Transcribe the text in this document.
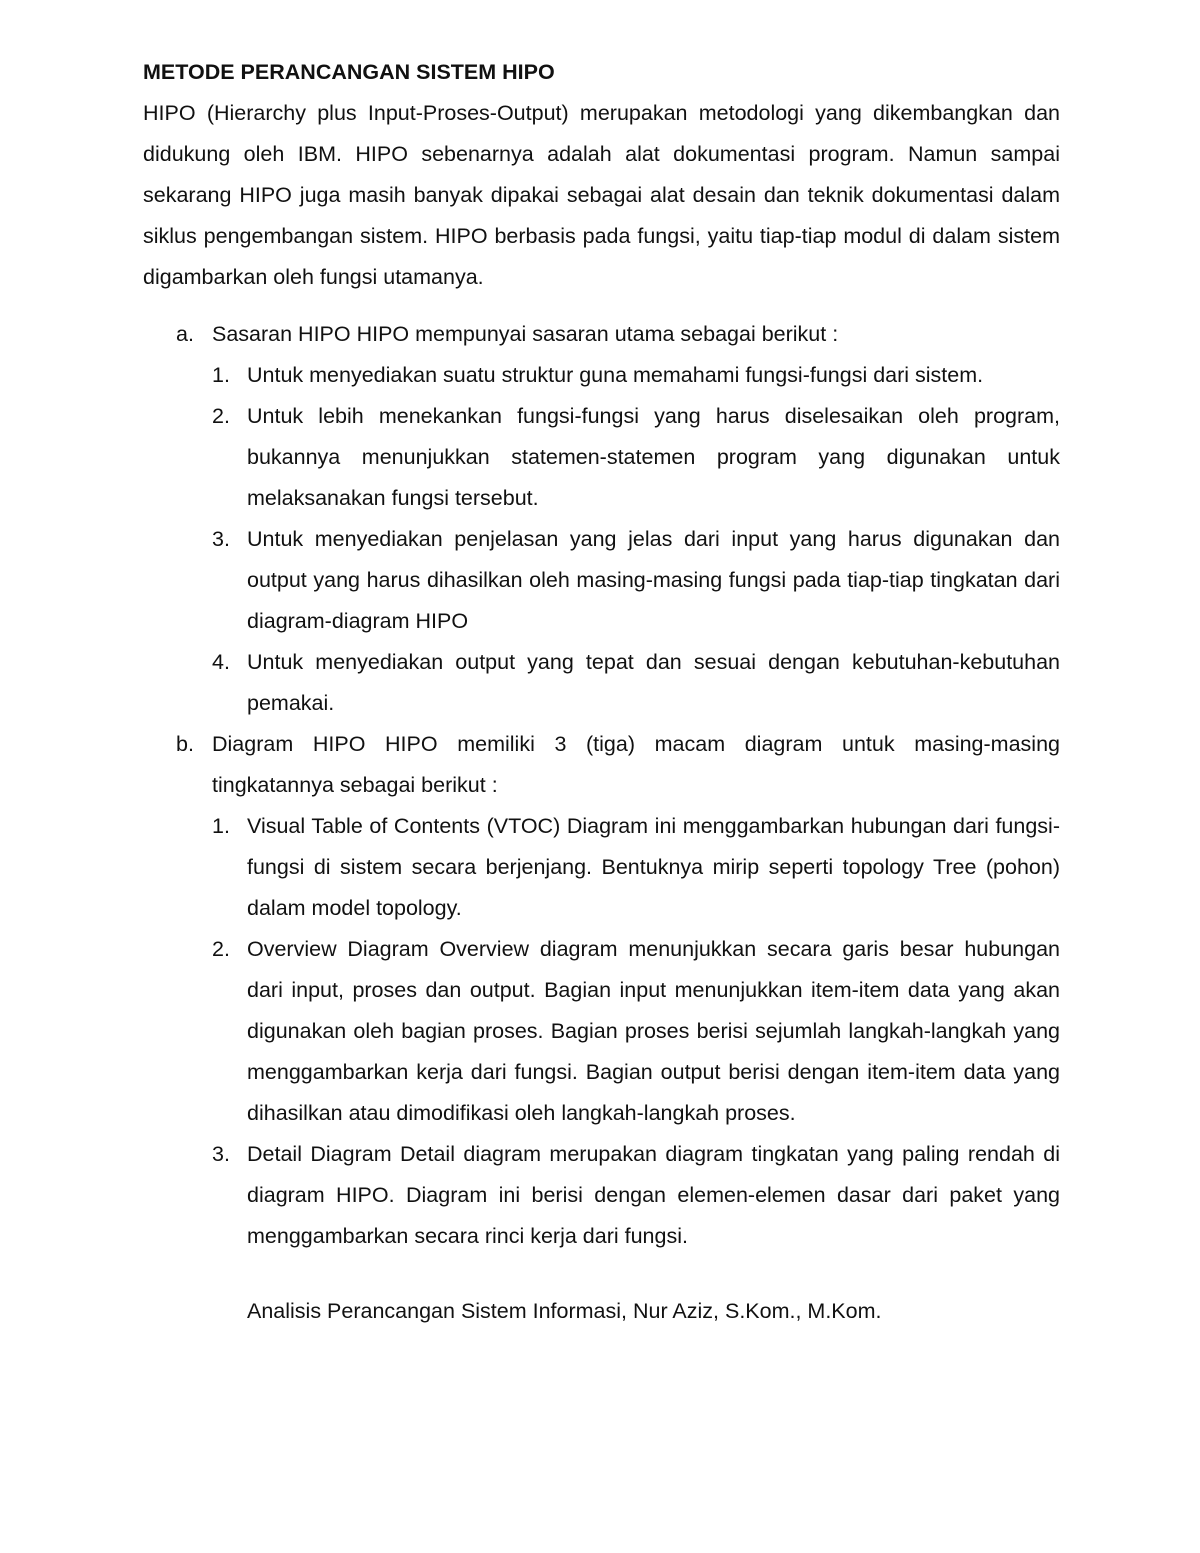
METODE PERANCANGAN SISTEM HIPO

HIPO (Hierarchy plus Input-Proses-Output) merupakan metodologi yang dikembangkan dan didukung oleh IBM. HIPO sebenarnya adalah alat dokumentasi program. Namun sampai sekarang HIPO juga masih banyak dipakai sebagai alat desain dan teknik dokumentasi dalam siklus pengembangan sistem. HIPO berbasis pada fungsi, yaitu tiap-tiap modul di dalam sistem digambarkan oleh fungsi utamanya.

a. Sasaran HIPO HIPO mempunyai sasaran utama sebagai berikut :
1. Untuk menyediakan suatu struktur guna memahami fungsi-fungsi dari sistem.
2. Untuk lebih menekankan fungsi-fungsi yang harus diselesaikan oleh program, bukannya menunjukkan statemen-statemen program yang digunakan untuk melaksanakan fungsi tersebut.
3. Untuk menyediakan penjelasan yang jelas dari input yang harus digunakan dan output yang harus dihasilkan oleh masing-masing fungsi pada tiap-tiap tingkatan dari diagram-diagram HIPO
4. Untuk menyediakan output yang tepat dan sesuai dengan kebutuhan-kebutuhan pemakai.
b. Diagram HIPO HIPO memiliki 3 (tiga) macam diagram untuk masing-masing tingkatannya sebagai berikut :
1. Visual Table of Contents (VTOC) Diagram ini menggambarkan hubungan dari fungsi-fungsi di sistem secara berjenjang. Bentuknya mirip seperti topology Tree (pohon) dalam model topology.
2. Overview Diagram Overview diagram menunjukkan secara garis besar hubungan dari input, proses dan output. Bagian input menunjukkan item-item data yang akan digunakan oleh bagian proses. Bagian proses berisi sejumlah langkah-langkah yang menggambarkan kerja dari fungsi. Bagian output berisi dengan item-item data yang dihasilkan atau dimodifikasi oleh langkah-langkah proses.
3. Detail Diagram Detail diagram merupakan diagram tingkatan yang paling rendah di diagram HIPO. Diagram ini berisi dengan elemen-elemen dasar dari paket yang menggambarkan secara rinci kerja dari fungsi.
Analisis Perancangan Sistem Informasi, Nur Aziz, S.Kom., M.Kom.
